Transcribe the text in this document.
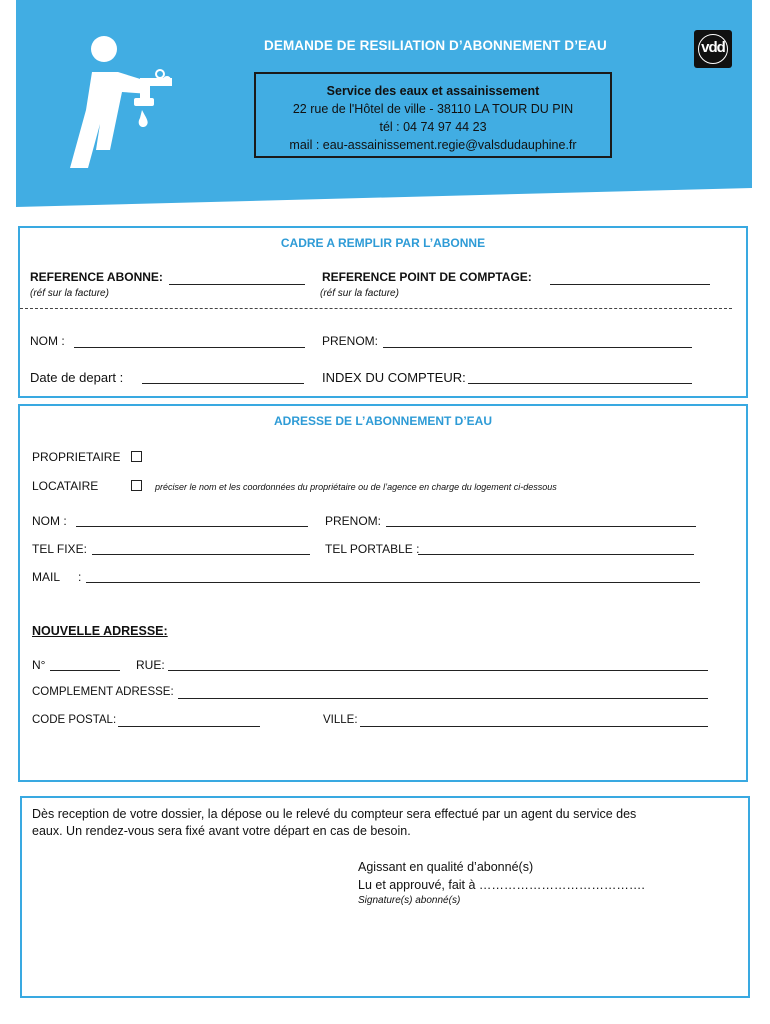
DEMANDE DE RESILIATION D’ABONNEMENT D’EAU	vdd
Service des eaux et assainissement
22 rue de l'Hôtel de ville - 38110 LA TOUR DU PIN
tél : 04 74 97 44 23
mail : eau-assainissement.regie@valsdudauphine.fr
CADRE A REMPLIR PAR L’ABONNE
REFERENCE ABONNE:
(réf sur la facture)
REFERENCE POINT DE COMPTAGE:
(réf sur la facture)
NOM :	PRENOM:
Date de depart :	INDEX DU COMPTEUR:
ADRESSE DE L’ABONNEMENT D’EAU
PROPRIETAIRE
LOCATAIRE	préciser le nom et les coordonnées du propriétaire ou de l’agence en charge du logement ci-dessous
NOM :	PRENOM:
TEL FIXE:	TEL PORTABLE :
MAIL :
NOUVELLE ADRESSE:
N°	RUE:
COMPLEMENT ADRESSE:
CODE POSTAL:	VILLE:
Dès reception de votre dossier, la dépose ou le relevé du compteur sera effectué par un agent du service des
eaux. Un rendez-vous sera fixé avant votre départ en cas de besoin.
Agissant en qualité d’abonné(s)
Lu et approuvé, fait à ………………………………….
Signature(s) abonné(s)
